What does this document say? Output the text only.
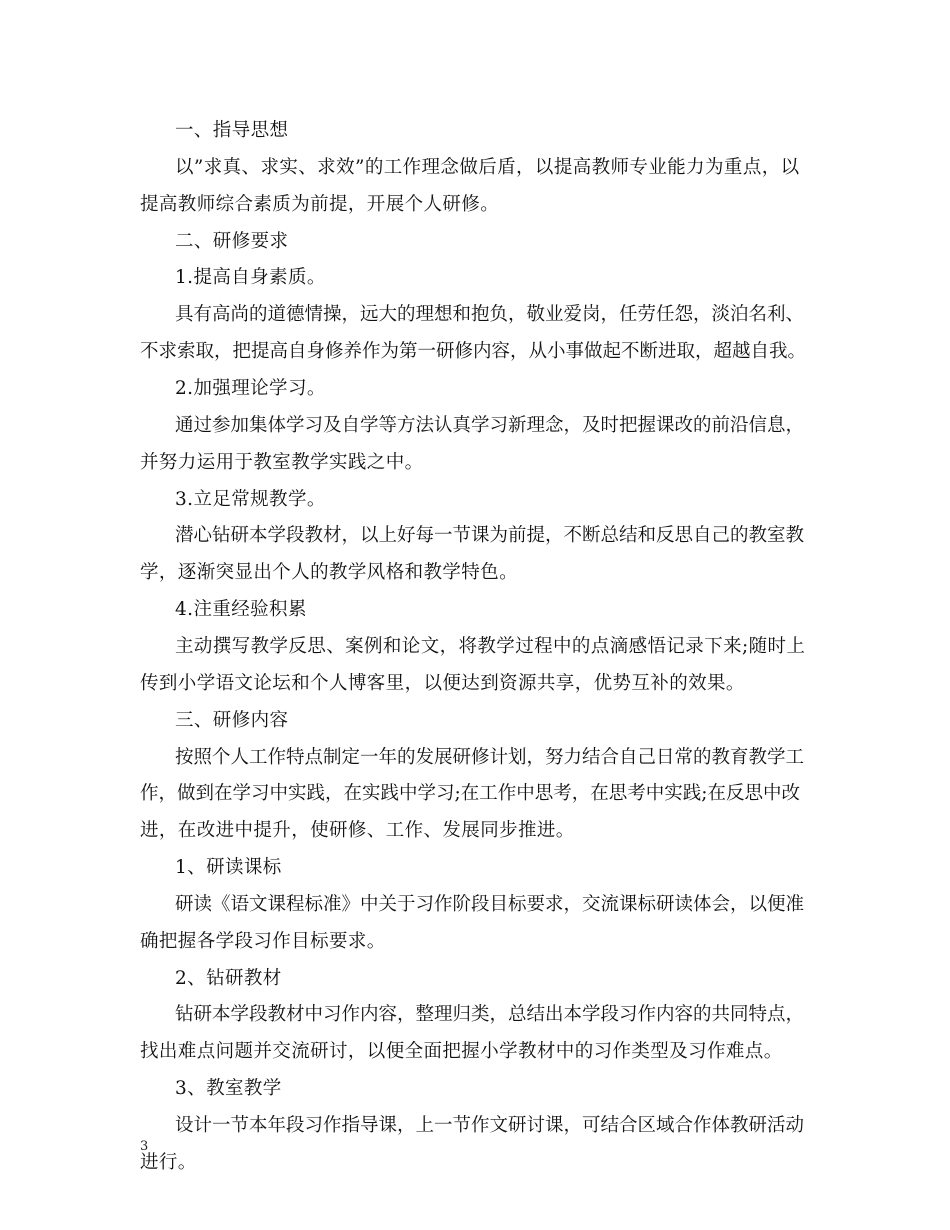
一、指导思想
以”求真、求实、求效”的工作理念做后盾，以提高教师专业能力为重点，以
提高教师综合素质为前提，开展个人研修。
二、研修要求
1.提高自身素质。
具有高尚的道德情操，远大的理想和抱负，敬业爱岗，任劳任怨，淡泊名利、
不求索取，把提高自身修养作为第一研修内容，从小事做起不断进取，超越自我。
2.加强理论学习。
通过参加集体学习及自学等方法认真学习新理念，及时把握课改的前沿信息，
并努力运用于教室教学实践之中。
3.立足常规教学。
潜心钻研本学段教材，以上好每一节课为前提，不断总结和反思自己的教室教
学，逐渐突显出个人的教学风格和教学特色。
4.注重经验积累
主动撰写教学反思、案例和论文，将教学过程中的点滴感悟记录下来;随时上
传到小学语文论坛和个人博客里，以便达到资源共享，优势互补的效果。
三、研修内容
按照个人工作特点制定一年的发展研修计划，努力结合自己日常的教育教学工
作，做到在学习中实践，在实践中学习;在工作中思考，在思考中实践;在反思中改
进，在改进中提升，使研修、工作、发展同步推进。
1、研读课标
研读《语文课程标准》中关于习作阶段目标要求，交流课标研读体会，以便准
确把握各学段习作目标要求。
2、钻研教材
钻研本学段教材中习作内容，整理归类，总结出本学段习作内容的共同特点，
找出难点问题并交流研讨，以便全面把握小学教材中的习作类型及习作难点。
3、教室教学
设计一节本年段习作指导课，上一节作文研讨课，可结合区域合作体教研活动
进行。
3
